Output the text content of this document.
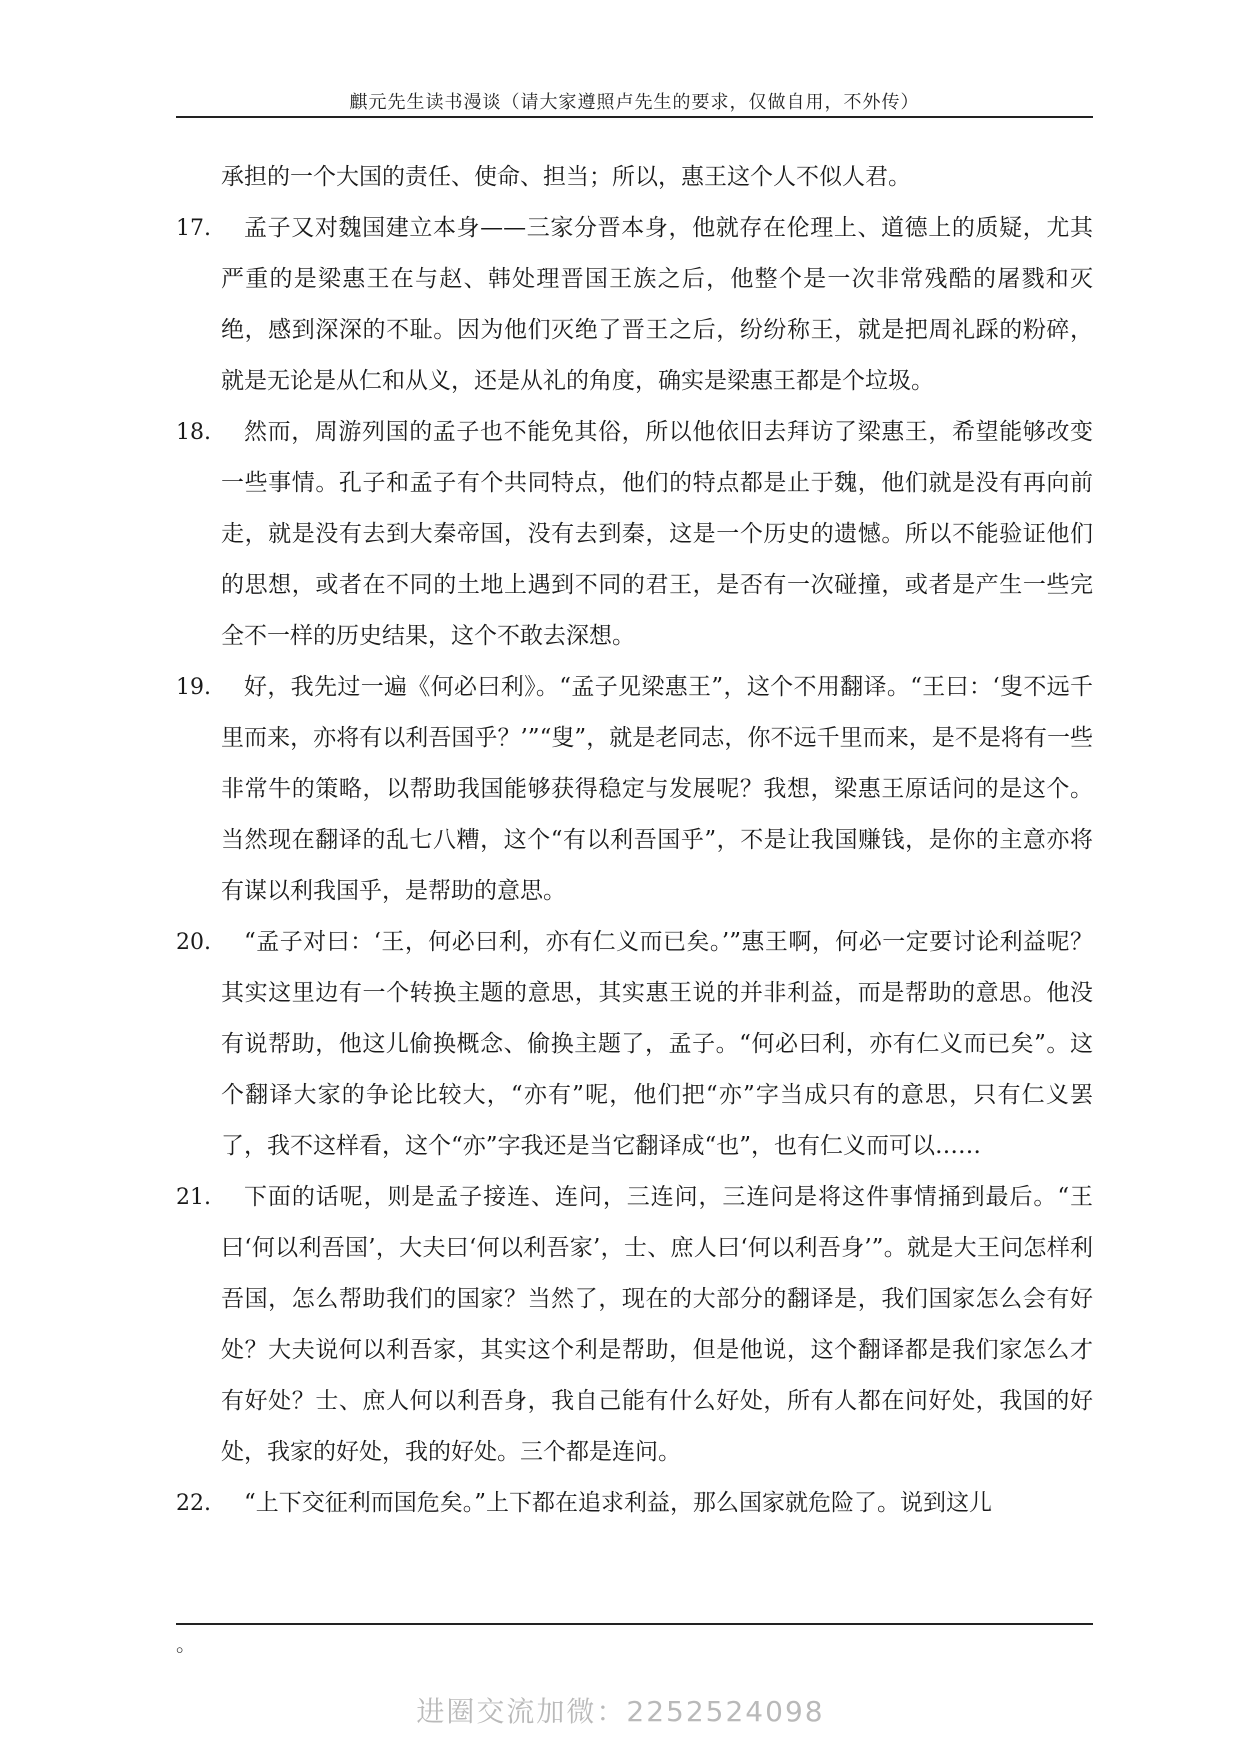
麒元先生读书漫谈（请大家遵照卢先生的要求，仅做自用，不外传）
承担的一个大国的责任、使命、担当；所以，惠王这个人不似人君。
17. 孟子又对魏国建立本身——三家分晋本身，他就存在伦理上、道德上的质疑，尤其严重的是梁惠王在与赵、韩处理晋国王族之后，他整个是一次非常残酷的屠戮和灭绝，感到深深的不耻。因为他们灭绝了晋王之后，纷纷称王，就是把周礼踩的粉碎，就是无论是从仁和从义，还是从礼的角度，确实是梁惠王都是个垃圾。
18. 然而，周游列国的孟子也不能免其俗，所以他依旧去拜访了梁惠王，希望能够改变一些事情。孔子和孟子有个共同特点，他们的特点都是止于魏，他们就是没有再向前走，就是没有去到大秦帝国，没有去到秦，这是一个历史的遗憾。所以不能验证他们的思想，或者在不同的土地上遇到不同的君王，是否有一次碰撞，或者是产生一些完全不一样的历史结果，这个不敢去深想。
19. 好，我先过一遍《何必曰利》。“孟子见梁惠王”，这个不用翻译。“王曰：‘叟不远千里而来，亦将有以利吾国乎？’”“叟”，就是老同志，你不远千里而来，是不是将有一些非常牛的策略，以帮助我国能够获得稳定与发展呢？我想，梁惠王原话问的是这个。当然现在翻译的乱七八糟，这个“有以利吾国乎”，不是让我国赚钱，是你的主意亦将有谋以利我国乎，是帮助的意思。
20. “孟子对曰：‘王，何必曰利，亦有仁义而已矣。’”惠王啊，何必一定要讨论利益呢？其实这里边有一个转换主题的意思，其实惠王说的并非利益，而是帮助的意思。他没有说帮助，他这儿偷换概念、偷换主题了，孟子。“何必曰利，亦有仁义而已矣”。这个翻译大家的争论比较大，“亦有”呢，他们把“亦”字当成只有的意思，只有仁义罢了，我不这样看，这个“亦”字我还是当它翻译成“也”，也有仁义而可以……
21. 下面的话呢，则是孟子接连、连问，三连问，三连问是将这件事情捅到最后。“王曰‘何以利吾国’，大夫曰‘何以利吾家’，士、庶人曰‘何以利吾身’”。就是大王问怎样利吾国，怎么帮助我们的国家？当然了，现在的大部分的翻译是，我们国家怎么会有好处？大夫说何以利吾家，其实这个利是帮助，但是他说，这个翻译都是我们家怎么才有好处？士、庶人何以利吾身，我自己能有什么好处，所有人都在问好处，我国的好处，我家的好处，我的好处。三个都是连问。
22. “上下交征利而国危矣。”上下都在追求利益，那么国家就危险了。说到这儿
。
进圈交流加微：2252524098
